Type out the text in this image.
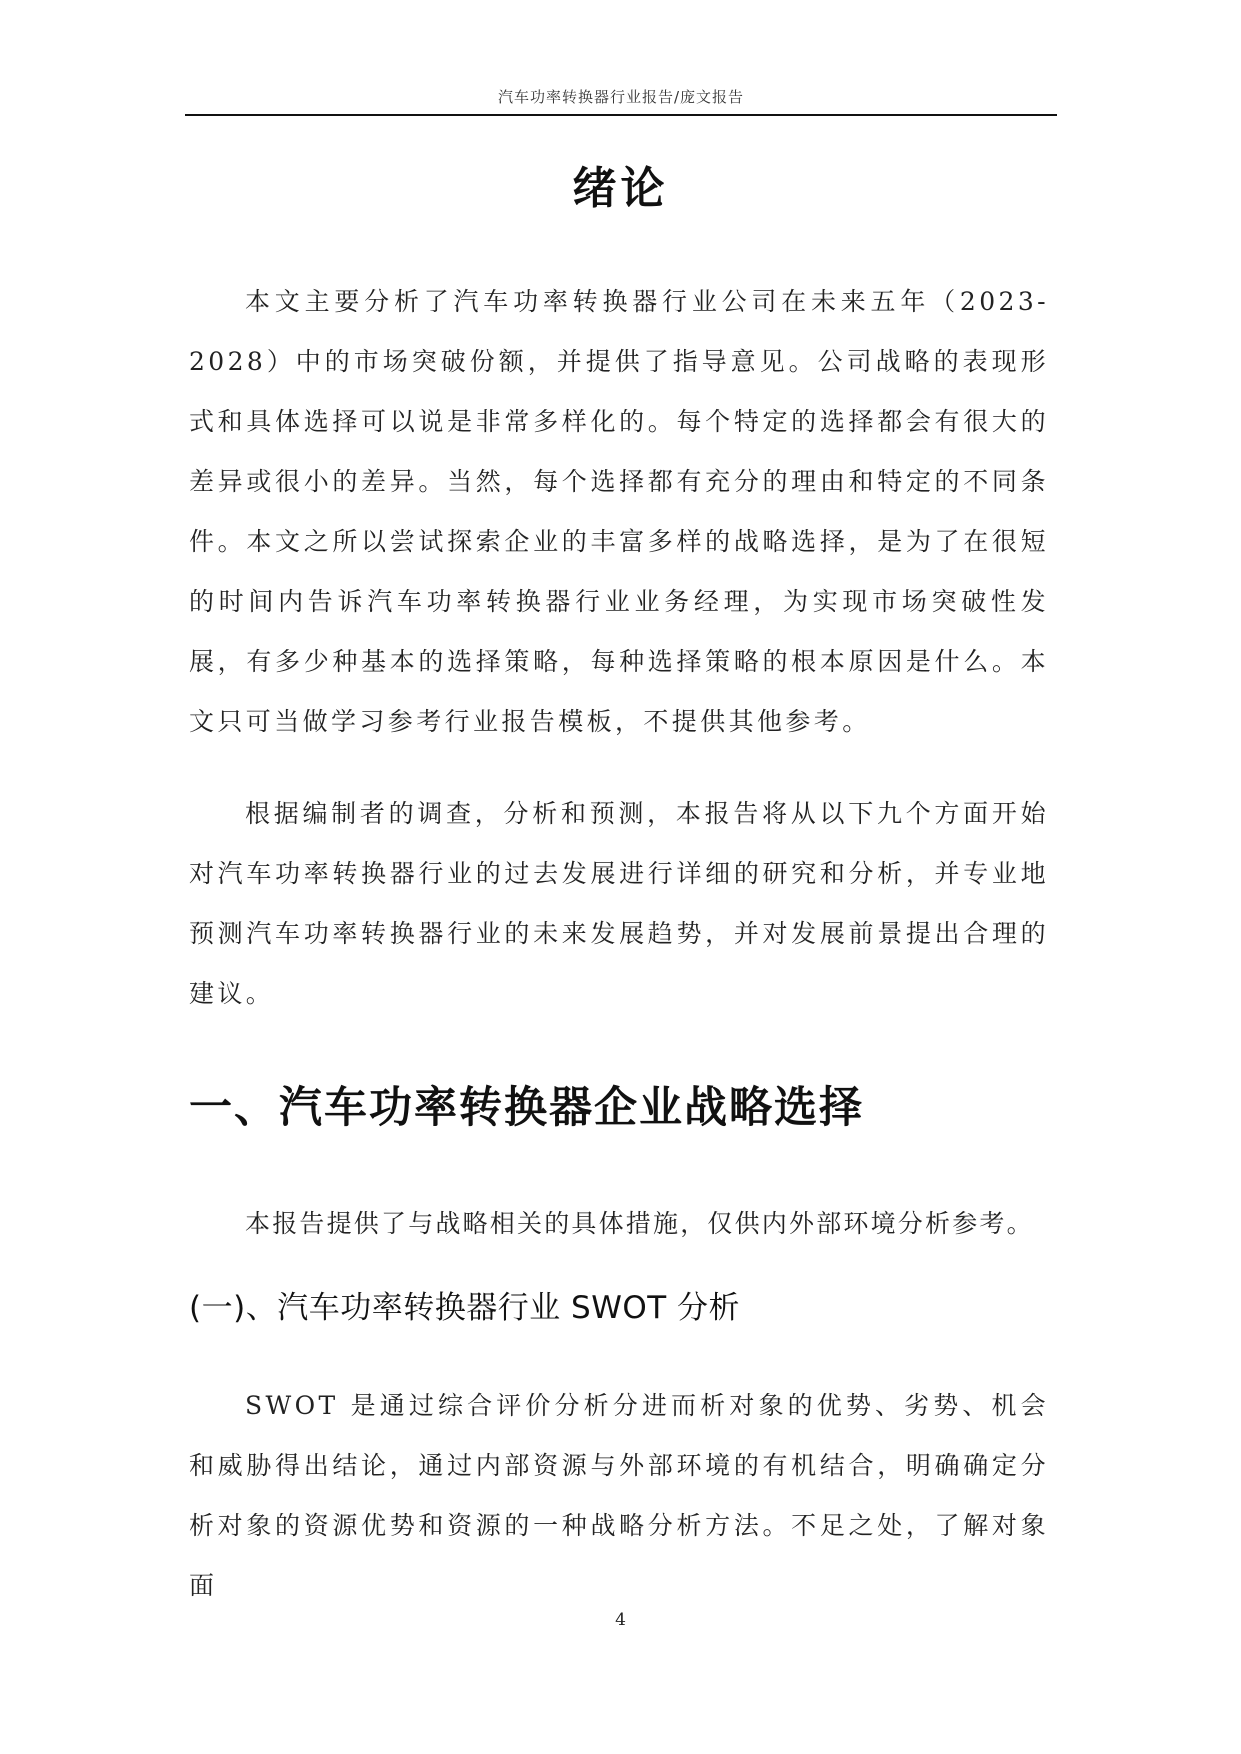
汽车功率转换器行业报告/庞文报告
绪论

本文主要分析了汽车功率转换器行业公司在未来五年（2023-2028）中的市场突破份额，并提供了指导意见。公司战略的表现形式和具体选择可以说是非常多样化的。每个特定的选择都会有很大的差异或很小的差异。当然，每个选择都有充分的理由和特定的不同条件。本文之所以尝试探索企业的丰富多样的战略选择，是为了在很短的时间内告诉汽车功率转换器行业业务经理，为实现市场突破性发展，有多少种基本的选择策略，每种选择策略的根本原因是什么。本文只可当做学习参考行业报告模板，不提供其他参考。

根据编制者的调查，分析和预测，本报告将从以下九个方面开始对汽车功率转换器行业的过去发展进行详细的研究和分析，并专业地预测汽车功率转换器行业的未来发展趋势，并对发展前景提出合理的建议。

一、汽车功率转换器企业战略选择

本报告提供了与战略相关的具体措施，仅供内外部环境分析参考。

(一)、汽车功率转换器行业 SWOT 分析

SWOT 是通过综合评价分析分进而析对象的优势、劣势、机会和威胁得出结论，通过内部资源与外部环境的有机结合，明确确定分析对象的资源优势和资源的一种战略分析方法。不足之处，了解对象面

4
